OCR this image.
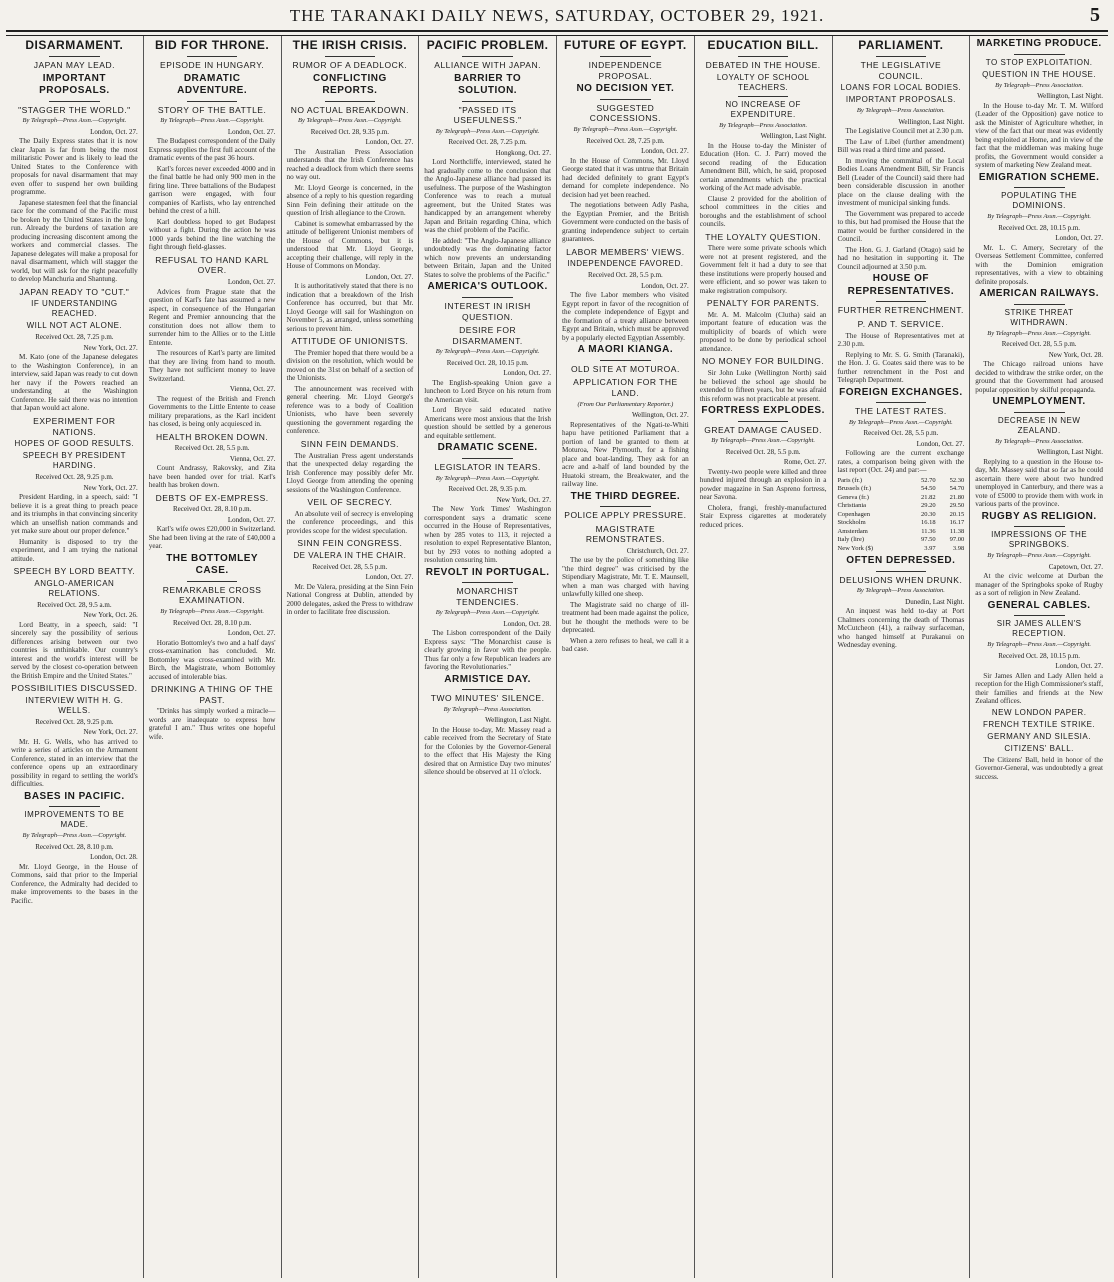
THE TARANAKI DAILY NEWS, SATURDAY, OCTOBER 29, 1921.	5
DISARMAMENT.
JAPAN MAY LEAD.
IMPORTANT PROPOSALS.
"STAGGER THE WORLD."
By Telegraph—Press Assn.—Copyright.
London, Oct. 27.

The Daily Express states that it is now clear Japan is far from being the most militaristic Power and is likely to lead the United States to the Conference with proposals for naval disarmament that may even offer to suspend her own building programme.

Japanese statesmen feel that the financial race for the command of the Pacific must be broken by the United States in the long run. Already the burdens of taxation are producing increasing discontent among the workers and commercial classes. The Japanese delegates will make a proposal for naval disarmament, which will stagger the world, but will ask for the right peacefully to develop Manchuria and Shantung.

JAPAN READY TO "CUT."
IF UNDERSTANDING REACHED.
WILL NOT ACT ALONE.
Received Oct. 28, 7.25 p.m.
New York, Oct. 27.

M. Kato (one of the Japanese delegates to the Washington Conference), in an interview, said Japan was ready to cut down her navy if the Powers reached an understanding at the Washington Conference. He said there was no intention that Japan would act alone.

EXPERIMENT FOR NATIONS.
HOPES OF GOOD RESULTS.
SPEECH BY PRESIDENT HARDING.
Received Oct. 28, 9.25 p.m.
New York, Oct. 27.

President Harding, in a speech, said: "I believe it is a great thing to preach peace and its triumphs in that convincing sincerity which an unselfish nation commands and yet make sure about our proper defence."

Humanity is disposed to try the experiment, and I am trying the national attitude.

SPEECH BY LORD BEATTY.
ANGLO-AMERICAN RELATIONS.
Received Oct. 28, 9.5 a.m.
New York, Oct. 26.

Lord Beatty, in a speech, said: "I sincerely say the possibility of serious differences arising between our two countries is unthinkable. Our country's interest and the world's interest will be served by the closest co-operation between the British Empire and the United States."

POSSIBILITIES DISCUSSED.
INTERVIEW WITH H. G. WELLS.
Received Oct. 28, 9.25 p.m.
New York, Oct. 27.

Mr. H. G. Wells, who has arrived to write a series of articles on the Armament Conference, stated in an interview that the conference opens up an extraordinary possibility in regard to settling the world's difficulties.

BASES IN PACIFIC.
IMPROVEMENTS TO BE MADE.
By Telegraph—Press Assn.—Copyright.
Received Oct. 28, 8.10 p.m.
London, Oct. 28.

Mr. Lloyd George, in the House of Commons, said that prior to the Imperial Conference, the Admiralty had decided to make improvements to the bases in the Pacific.

BID FOR THRONE.
EPISODE IN HUNGARY.
DRAMATIC ADVENTURE.
STORY OF THE BATTLE.
By Telegraph—Press Assn.—Copyright.
London, Oct. 27.

The Budapest correspondent of the Daily Express supplies the first full account of the dramatic events of the past 36 hours.

Karl's forces never exceeded 4000 and in the final battle he had only 900 men in the firing line. Three battalions of the Budapest garrison were engaged, with four companies of Karlists, who lay entrenched behind the crest of a hill.

Karl doubtless hoped to get Budapest without a fight. During the action he was 1000 yards behind the line watching the fight through field-glasses.

REFUSAL TO HAND KARL OVER.
London, Oct. 27.

Advices from Prague state that the question of Karl's fate has assumed a new aspect, in consequence of the Hungarian Regent and Premier announcing that the constitution does not allow them to surrender him to the Allies or to the Little Entente.

The resources of Karl's party are limited that they are living from hand to mouth. They have not sufficient money to leave Switzerland.

Vienna, Oct. 27.

The request of the British and French Governments to the Little Entente to cease military preparations, as the Karl incident has closed, is being only acquiesced in.

HEALTH BROKEN DOWN.
Received Oct. 28, 5.5 p.m.
Vienna, Oct. 27.

Count Andrassy, Rakovsky, and Zita have been handed over for trial. Karl's health has broken down.

DEBTS OF EX-EMPRESS.
Received Oct. 28, 8.10 p.m.
London, Oct. 27.

Karl's wife owes £20,000 in Switzerland. She had been living at the rate of £40,000 a year.

THE BOTTOMLEY CASE.
REMARKABLE CROSS EXAMINATION.
By Telegraph—Press Assn.—Copyright.
Received Oct. 28, 8.10 p.m.
London, Oct. 27.

Horatio Bottomley's two and a half days' cross-examination has concluded. Mr. Bottomley was cross-examined with Mr. Birch, the Magistrate, whom Bottomley accused of intolerable bias.

DRINKING A THING OF THE PAST.

"Drinks has simply worked a miracle—words are inadequate to express how grateful I am." Thus writes one hopeful wife.

THE IRISH CRISIS.
RUMOR OF A DEADLOCK.
CONFLICTING REPORTS.
NO ACTUAL BREAKDOWN.
By Telegraph—Press Assn.—Copyright.
Received Oct. 28, 9.35 p.m.
London, Oct. 27.

The Australian Press Association understands that the Irish Conference has reached a deadlock from which there seems no way out.

Mr. Lloyd George is concerned, in the absence of a reply to his question regarding Sinn Fein defining their attitude on the question of Irish allegiance to the Crown.

Cabinet is somewhat embarrassed by the attitude of belligerent Unionist members of the House of Commons, but it is understood that Mr. Lloyd George, accepting their challenge, will reply in the House of Commons on Monday.

London, Oct. 27.

It is authoritatively stated that there is no indication that a breakdown of the Irish Conference has occurred, but that Mr. Lloyd George will sail for Washington on November 5, as arranged, unless something serious to prevent him.

ATTITUDE OF UNIONISTS.

The Premier hoped that there would be a division on the resolution, which would be moved on the 31st on behalf of a section of the Unionists.

The announcement was received with general cheering. Mr. Lloyd George's reference was to a body of Coalition Unionists, who have been severely questioning the government regarding the conference.

SINN FEIN DEMANDS.

The Australian Press agent understands that the unexpected delay regarding the Irish Conference may possibly defer Mr. Lloyd George from attending the opening sessions of the Washington Conference.

VEIL OF SECRECY.

An absolute veil of secrecy is enveloping the conference proceedings, and this provides scope for the widest speculation.

SINN FEIN CONGRESS.
DE VALERA IN THE CHAIR.
Received Oct. 28, 5.5 p.m.
London, Oct. 27.

Mr. De Valera, presiding at the Sinn Fein National Congress at Dublin, attended by 2000 delegates, asked the Press to withdraw in order to facilitate free discussion.

PACIFIC PROBLEM.
ALLIANCE WITH JAPAN.
BARRIER TO SOLUTION.
"PASSED ITS USEFULNESS."
By Telegraph—Press Assn.—Copyright.
Received Oct. 28, 7.25 p.m.
Hongkong, Oct. 27.

Lord Northcliffe, interviewed, stated he had gradually come to the conclusion that the Anglo-Japanese alliance had passed its usefulness. The purpose of the Washington Conference was to reach a mutual agreement, but the United States was handicapped by an arrangement whereby Japan and Britain regarding China, which was the chief problem of the Pacific.

He added: "The Anglo-Japanese alliance undoubtedly was the dominating factor which now prevents an understanding between Britain, Japan and the United States to solve the problems of the Pacific."

AMERICA'S OUTLOOK.
INTEREST IN IRISH QUESTION.
DESIRE FOR DISARMAMENT.
By Telegraph—Press Assn.—Copyright.
Received Oct. 28, 10.15 p.m.
London, Oct. 27.

The English-speaking Union gave a luncheon to Lord Bryce on his return from the American visit.

Lord Bryce said educated native Americans were most anxious that the Irish question should be settled by a generous and equitable settlement.

DRAMATIC SCENE.
LEGISLATOR IN TEARS.
By Telegraph—Press Assn.—Copyright.
Received Oct. 28, 9.35 p.m.
New York, Oct. 27.

The New York Times' Washington correspondent says a dramatic scene occurred in the House of Representatives, when by 285 votes to 113, it rejected a resolution to expel Representative Blanton, but by 293 votes to nothing adopted a resolution censuring him.

REVOLT IN PORTUGAL.
MONARCHIST TENDENCIES.
By Telegraph—Press Assn.—Copyright.
London, Oct. 28.

The Lisbon correspondent of the Daily Express says: "The Monarchist cause is clearly growing in favor with the people. Thus far only a few Republican leaders are favoring the Revolutionaries."

ARMISTICE DAY.
TWO MINUTES' SILENCE.
By Telegraph—Press Association.
Wellington, Last Night.

In the House to-day, Mr. Massey read a cable received from the Secretary of State for the Colonies by the Governor-General to the effect that His Majesty the King desired that on Armistice Day two minutes' silence should be observed at 11 o'clock.

FUTURE OF EGYPT.
INDEPENDENCE PROPOSAL.
NO DECISION YET.
SUGGESTED CONCESSIONS.
By Telegraph—Press Assn.—Copyright.
Received Oct. 28, 7.25 p.m.
London, Oct. 27.

In the House of Commons, Mr. Lloyd George stated that it was untrue that Britain had decided definitely to grant Egypt's demand for complete independence. No decision had yet been reached.

The negotiations between Adly Pasha, the Egyptian Premier, and the British Government were conducted on the basis of granting independence subject to certain guarantees.

LABOR MEMBERS' VIEWS.
INDEPENDENCE FAVORED.
Received Oct. 28, 5.5 p.m.
London, Oct. 27.

The five Labor members who visited Egypt report in favor of the recognition of the complete independence of Egypt and the formation of a treaty alliance between Egypt and Britain, which must be approved by a popularly elected Egyptian Assembly.

A MAORI KIANGA.
OLD SITE AT MOTUROA.
APPLICATION FOR THE LAND.
(From Our Parliamentary Reporter.)
Wellington, Oct. 27.

Representatives of the Ngati-te-Whiti hapu have petitioned Parliament that a portion of land be granted to them at Moturoa, New Plymouth, for a fishing place and boat-landing. They ask for an acre and a-half of land bounded by the Huatoki stream, the Breakwater, and the railway line.

THE THIRD DEGREE.
POLICE APPLY PRESSURE.
MAGISTRATE REMONSTRATES.
Christchurch, Oct. 27.

The use by the police of something like "the third degree" was criticised by the Stipendiary Magistrate, Mr. T. E. Maunsell, when a man was charged with having unlawfully killed one sheep.

The Magistrate said no charge of ill-treatment had been made against the police, but he thought the methods were to be deprecated.

When a zero refuses to heal, we call it a bad case.

EDUCATION BILL.
DEBATED IN THE HOUSE.
LOYALTY OF SCHOOL TEACHERS.
NO INCREASE OF EXPENDITURE.
By Telegraph—Press Association.
Wellington, Last Night.

In the House to-day the Minister of Education (Hon. C. J. Parr) moved the second reading of the Education Amendment Bill, which, he said, proposed certain amendments which the practical working of the Act made advisable.

Clause 2 provided for the abolition of school committees in the cities and boroughs and the establishment of school councils.

THE LOYALTY QUESTION.

There were some private schools which were not at present registered, and the Government felt it had a duty to see that these institutions were properly housed and were efficient, and so power was taken to make registration compulsory.

PENALTY FOR PARENTS.

Mr. A. M. Malcolm (Clutha) said an important feature of education was the multiplicity of boards of which were proposed to be done by periodical school attendance.

NO MONEY FOR BUILDING.

Sir John Luke (Wellington North) said he believed the school age should be extended to fifteen years, but he was afraid this reform was not practicable at present.

FORTRESS EXPLODES.
GREAT DAMAGE CAUSED.
By Telegraph—Press Assn.—Copyright.
Received Oct. 28, 5.5 p.m.
Rome, Oct. 27.

Twenty-two people were killed and three hundred injured through an explosion in a powder magazine in San Aspreno fortress, near Savona.

Cholera, frangi, freshly-manufactured Stair Express cigarettes at moderately reduced prices.

PARLIAMENT.
THE LEGISLATIVE COUNCIL.
LOANS FOR LOCAL BODIES.
IMPORTANT PROPOSALS.
By Telegraph—Press Association.
Wellington, Last Night.

The Legislative Council met at 2.30 p.m.

The Law of Libel (further amendment) Bill was read a third time and passed.

In moving the committal of the Local Bodies Loans Amendment Bill, Sir Francis Bell (Leader of the Council) said there had been considerable discussion in another place on the clause dealing with the investment of municipal sinking funds.

The Government was prepared to accede to this, but had promised the House that the matter would be further considered in the Council.

The Hon. G. J. Garland (Otago) said he had no hesitation in supporting it. The Council adjourned at 3.50 p.m.

HOUSE OF REPRESENTATIVES.
FURTHER RETRENCHMENT.
P. AND T. SERVICE.

The House of Representatives met at 2.30 p.m.

Replying to Mr. S. G. Smith (Taranaki), the Hon. J. G. Coates said there was to be further retrenchment in the Post and Telegraph Department.

FOREIGN EXCHANGES.
THE LATEST RATES.
By Telegraph—Press Assn.—Copyright.
Received Oct. 28, 5.5 p.m.
London, Oct. 27.

Following are the current exchange rates, a comparison being given with the last report (Oct. 24) and par:—

Paris (fr.)	52.70	52.30
Brussels (fr.)	54.50	54.70
Geneva (fr.)	21.82	21.80
Christiania	29.20	29.50
Copenhagen	20.30	20.15
Stockholm	16.18	16.17
Amsterdam	11.36	11.38
Italy (lire)	97.50	97.00
New York ($)	3.97	3.98
OFTEN DEPRESSED.
DELUSIONS WHEN DRUNK.
By Telegraph—Press Association.
Dunedin, Last Night.

An inquest was held to-day at Port Chalmers concerning the death of Thomas McCutcheon (41), a railway surfaceman, who hanged himself at Purakanui on Wednesday evening.

MARKETING PRODUCE.
TO STOP EXPLOITATION.
QUESTION IN THE HOUSE.
By Telegraph—Press Association.
Wellington, Last Night.

In the House to-day Mr. T. M. Wilford (Leader of the Opposition) gave notice to ask the Minister of Agriculture whether, in view of the fact that our meat was evidently being exploited at Home, and in view of the fact that the middleman was making huge profits, the Government would consider a system of marketing New Zealand meat.

EMIGRATION SCHEME.
POPULATING THE DOMINIONS.
By Telegraph—Press Assn.—Copyright.
Received Oct. 28, 10.15 p.m.
London, Oct. 27.

Mr. L. C. Amery, Secretary of the Overseas Settlement Committee, conferred with the Dominion emigration representatives, with a view to obtaining definite proposals.

AMERICAN RAILWAYS.
STRIKE THREAT WITHDRAWN.
By Telegraph—Press Assn.—Copyright.
Received Oct. 28, 5.5 p.m.
New York, Oct. 28.

The Chicago railroad unions have decided to withdraw the strike order, on the ground that the Government had aroused popular opposition by skilful propaganda.

UNEMPLOYMENT.
DECREASE IN NEW ZEALAND.
By Telegraph—Press Association.
Wellington, Last Night.

Replying to a question in the House to-day, Mr. Massey said that so far as he could ascertain there were about two hundred unemployed in Canterbury, and there was a vote of £5000 to provide them with work in various parts of the province.

RUGBY AS RELIGION.
IMPRESSIONS OF THE SPRINGBOKS.
By Telegraph—Press Assn.—Copyright.
Capetown, Oct. 27.

At the civic welcome at Durban the manager of the Springboks spoke of Rugby as a sort of religion in New Zealand.

GENERAL CABLES.
SIR JAMES ALLEN'S RECEPTION.
By Telegraph—Press Assn.—Copyright.
Received Oct. 28, 10.15 p.m.
London, Oct. 27.

Sir James Allen and Lady Allen held a reception for the High Commissioner's staff, their families and friends at the New Zealand offices.

NEW LONDON PAPER.
FRENCH TEXTILE STRIKE.
GERMANY AND SILESIA.
CITIZENS' BALL.

The Citizens' Ball, held in honor of the Governor-General, was undoubtedly a great success.
